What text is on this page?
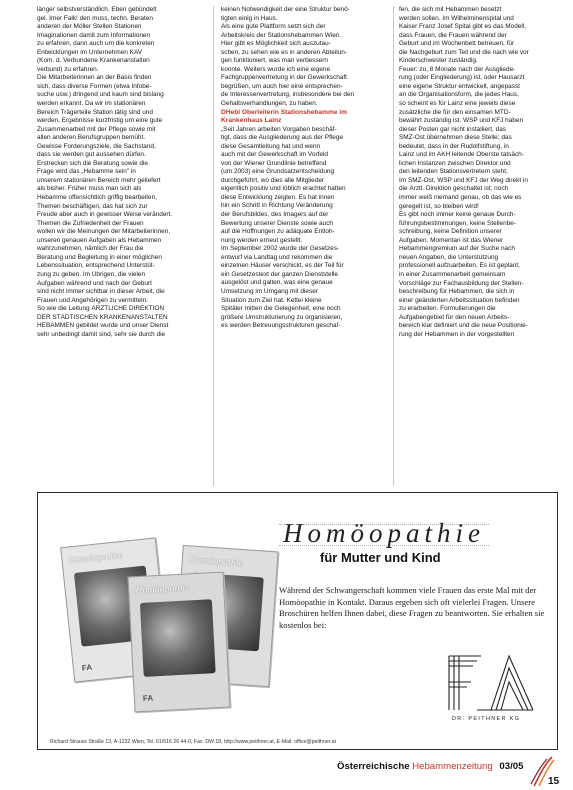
länger selbstverständlich. Eben gebündelt

gel. Imer Falk! den muss, techn. Beraten

anderen der Möller Stellen Stationen

Imaginationen damit zum Informationen

zu erfahren, dann auch um die konkreten

Entwicklungen im Unternehmen KAV

(Kom. d. Verbundene Krankenanstalten

verbund) zu erfahren.

Die Mitarbeiterinnen an der Basis finden

sich, dass diverse Formen (etwa Infobe-

suche usw.) dringend und kaum sind bislang

werden erkannt. Da wir im stationären

Bereich Trägerteile Station tätig sind und

werden, Ergebnisse kurzfristig um eine gute

Zusammenarbeit mit der Pflege sowie mit

allen anderen Berufsgruppen bemüht.

Gewisse Forderungsziele, die Sachstand,

dass sie werden gut aussehen dürfen.

Erstrecken sich die Beratung sowie die

Frage wird das „Hebamme sein" in

unserem stationären Bereich mehr geliefert

als bisher. Früher muss man sich als

Hebamme offensichtlich griffig bearbeiten,

Themen beschäftigen, das hat sich zur

Freude aber auch in gewisser Weise verändert.

Themen die Zufriedenheit der Frauen

wollen wir die Meinungen der Mitarbeiterinnen,

unseren genauen Aufgaben als Hebammen

wahrzunehmen, nämlich der Frau die

Beratung und Begleitung in einer möglichen

Lebenssituation, entsprechend Unterstüt-

zung zu geben. Im Übrigen, die vielen

Aufgaben während und nach der Geburt

sind nicht immer sichtbar in dieser Arbeit, die

Frauen und Angehörigen zu vermitteln.

So wie die Leitung ÄRZTLICHE DIREKTION

DER STÄDTISCHEN KRANKENANSTALTEN

HEBAMMEN gebildet wurde und unser Dienst

sehr unbedingt damit sind, sehr sie durch die

keinen Notwendigkeit der eine Struktur benö-

tigten einig in Haus.

Als eine gute Plattform setzt sich der

Arbeitskreis der Stationshebammen Wien.

Hier gibt es Möglichkeit sich auszutau-

schen, zu sehen wie es in anderen Abteilun-

gen funktioniert, was man verbessern

konnte. Weiters wurde ich eine eigene

Fachgruppenvertretung in der Gewerkschaft

begrüßen, um auch hier eine entsprechen-

de Interessenvertretung, insbesondere bei den

Gehaltsverhandlungen, zu haben.

DHebl Oberleiterin Stationshebamme im Krankenhaus Lainz

„Seit Jahren arbeiten Vorgaben beschäf-

tigt, dass die Ausgliederung aus der Pflege

diese Gesamtleitung hat und wenn

auch mit der Gewerkschaft im Vorfeld

von der Wiener Grundlinie betreffend

(um 2003) eine Grundsatzentscheidung

durchgeführt, wo dies alle Mitglieder

eigentlich positiv und löblich erachtet hatten

diese Entwicklung zeigten. Es hat innen

hin ein Schritt in Richtung Veränderung

der Berufsbildes, des Imagers auf der

Bewertung unserer Dienste sowie auch

auf die Hoffnungen zu adäquate Entloh-

nung werden erneut gestellt.

Im September 2002 wurde der Gesetzes-

entwurf via Landtag und rekommen die

einzelnen Häuser verschickt, es der Teil für

ein Gesetzestext der ganzen Dienststelle

ausgelöst und galten, was eine genaue

Umsetzung im Umgang mit dieser

Situation zum Ziel hat. Kettei kleine

Spitäler mitten die Gelegenheit, eine noch

größere Umstrukturierung zu organisieren,

es werden Betreuungsstrukturen geschaf-

fen, die sich mit Hebammen besetzt

werden sollen. Im Wilhelminenspital und

Kaiser Franz Josef Spital gibt es das Modell,

dass Frauen, die Frauen während der

Geburt und im Wochenbett betreuen, für

die Nachgeburt zum Teil und die nach wie vor

Kinderschwester zuständig.

Feuer: zu, 8 Monate nach der Ausgliede-

rung (oder Eingliederung) ist, oder Hausarzt

eine eigene Struktur entwickelt, angepasst

an die Organisationsform, die jedes Haus,

so scheint es für Lainz eine jeweils diese

zusätzliche die für den einsamen MTD-

bewährt zuständig ist. WSP und KFJ haben

dieser Posten gar nicht installiert, das

SMZ-Ost übernehmen diese Stelle; das

bedeutet, dass in der Rudolfstiftung, in

Lainz und im AKH leitende Oberste tatsäch-

lichen Instanzen zwischen Direktor und

den leitenden Stationsvertretern steht,

Im SMZ-Ost, WSP und KFJ der Weg direkt in

die Ärztl. Direktion geschaltet ist; noch

immer weiß niemand genau, ob das wie es

geregelt ist, so bleiben wird!

Es gibt noch immer keine genaue Durch-

führungsbestimmungen, keine Stellenbe-

schreibung, keine Definition unserer

Aufgaben. Momentan ist das Wiener

Hebammengremium auf der Suche nach

neuen Angaben, die Unterstützung

professionell aufzuarbeiten. Es ist geplant,

in einer Zusammenarbeit gemeinsam

Vorschläge zur Fachausbildung der Stellen-

beschreibung für Hebammen, die sich in

einer geänderten Arbeitssituation befinden

zu erarbeiten. Formulierungen die

Aufgabengebiet für den neuen Arbeits-

bereich klar definiert und die neue Positionie-

rung der Hebammen in der vorgestellten

Homöopathie
FA
Homöopathie
Homöopathie
FA
Homöopathie
für Mutter und Kind
Während der Schwangerschaft kommen viele Frauen das erste Mal mit der Homöopathie in Kontakt. Daraus ergeben sich oft vielerlei Fragen. Unsere Broschüren helfen Ihnen dabei, diese Fragen zu beantworten. Sie erhalten sie kostenlos bei:
DR. PEITHNER KG
Richard Strauss Straße 13, A-1232 Wien, Tel. 01/616 26 44-0, Fax: DW 18, http://www.peithner.at, E-Mail: office@peithner.at
Österreichische Hebammenzeitung 03/05
15
